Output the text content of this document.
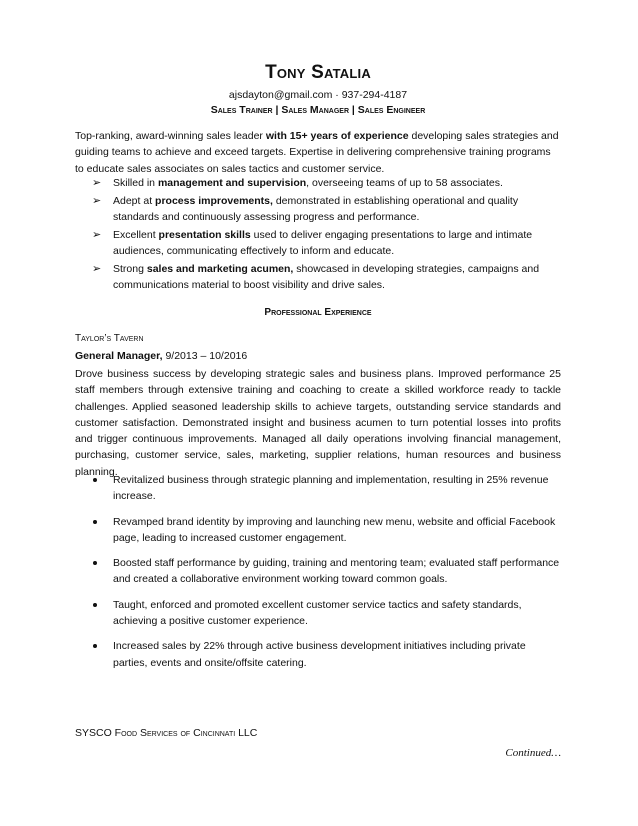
Tony Satalia
ajsdayton@gmail.com · 937-294-4187
Sales Trainer | Sales Manager | Sales Engineer

Top-ranking, award-winning sales leader with 15+ years of experience developing sales strategies and guiding teams to achieve and exceed targets. Expertise in delivering comprehensive training programs to educate sales associates on sales tactics and customer service.

➢ Skilled in management and supervision, overseeing teams of up to 58 associates.
➢ Adept at process improvements, demonstrated in establishing operational and quality standards and continuously assessing progress and performance.
➢ Excellent presentation skills used to deliver engaging presentations to large and intimate audiences, communicating effectively to inform and educate.
➢ Strong sales and marketing acumen, showcased in developing strategies, campaigns and communications material to boost visibility and drive sales.
Professional Experience
Taylor’s Tavern
General Manager, 9/2013 – 10/2016

Drove business success by developing strategic sales and business plans. Improved performance 25 staff members through extensive training and coaching to create a skilled workforce ready to tackle challenges. Applied seasoned leadership skills to achieve targets, outstanding service standards and customer satisfaction. Demonstrated insight and business acumen to turn potential losses into profits and trigger continuous improvements. Managed all daily operations involving financial management, purchasing, customer service, sales, marketing, supplier relations, human resources and business planning.

Revitalized business through strategic planning and implementation, resulting in 25% revenue increase.
Revamped brand identity by improving and launching new menu, website and official Facebook page, leading to increased customer engagement.
Boosted staff performance by guiding, training and mentoring team; evaluated staff performance and created a collaborative environment working toward common goals.
Taught, enforced and promoted excellent customer service tactics and safety standards, achieving a positive customer experience.
Increased sales by 22% through active business development initiatives including private parties, events and onsite/offsite catering.
SYSCO Food Services of Cincinnati LLC
Continued…
